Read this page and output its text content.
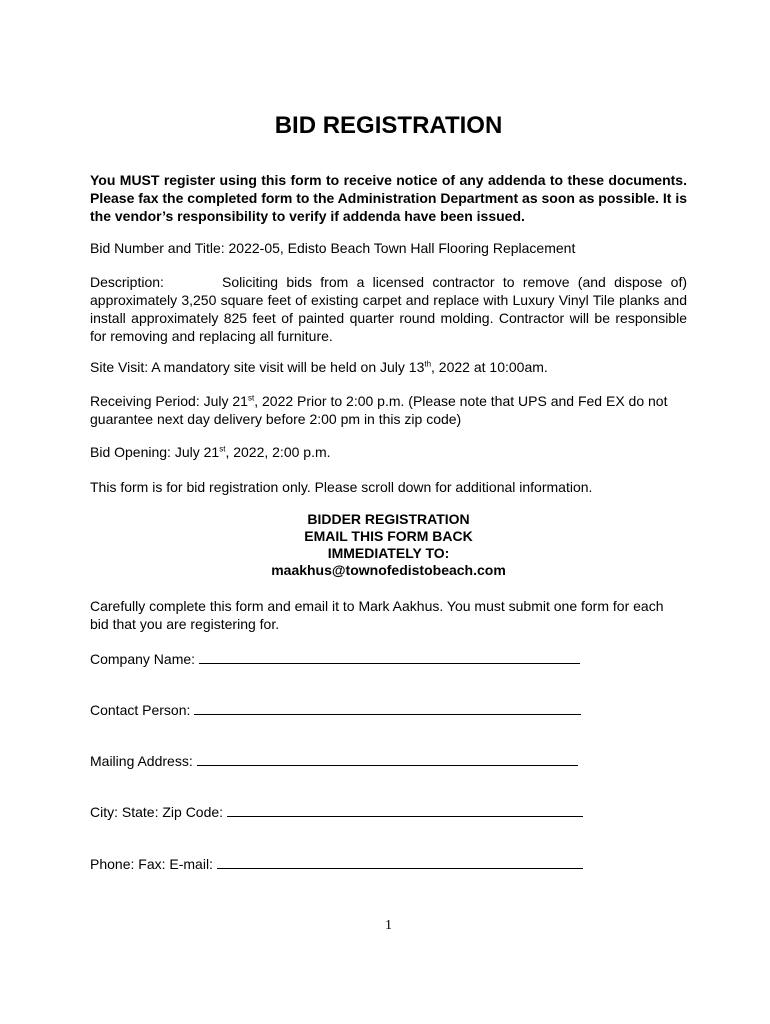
BID REGISTRATION
You MUST register using this form to receive notice of any addenda to these documents. Please fax the completed form to the Administration Department as soon as possible. It is the vendor’s responsibility to verify if addenda have been issued.
Bid Number and Title: 2022-05, Edisto Beach Town Hall Flooring Replacement
Description:	Soliciting bids from a licensed contractor to remove (and dispose of) approximately 3,250 square feet of existing carpet and replace with Luxury Vinyl Tile planks and install approximately 825 feet of painted quarter round molding. Contractor will be responsible for removing and replacing all furniture.
Site Visit: A mandatory site visit will be held on July 13th, 2022 at 10:00am.
Receiving Period: July 21st, 2022 Prior to 2:00 p.m. (Please note that UPS and Fed EX do not guarantee next day delivery before 2:00 pm in this zip code)
Bid Opening: July 21st, 2022, 2:00 p.m.
This form is for bid registration only. Please scroll down for additional information.
BIDDER REGISTRATION
EMAIL THIS FORM BACK
IMMEDIATELY TO:
maakhus@townofedistobeach.com
Carefully complete this form and email it to Mark Aakhus. You must submit one form for each bid that you are registering for.
Company Name:
Contact Person:
Mailing Address:
City: State: Zip Code:
Phone: Fax: E-mail:
1
